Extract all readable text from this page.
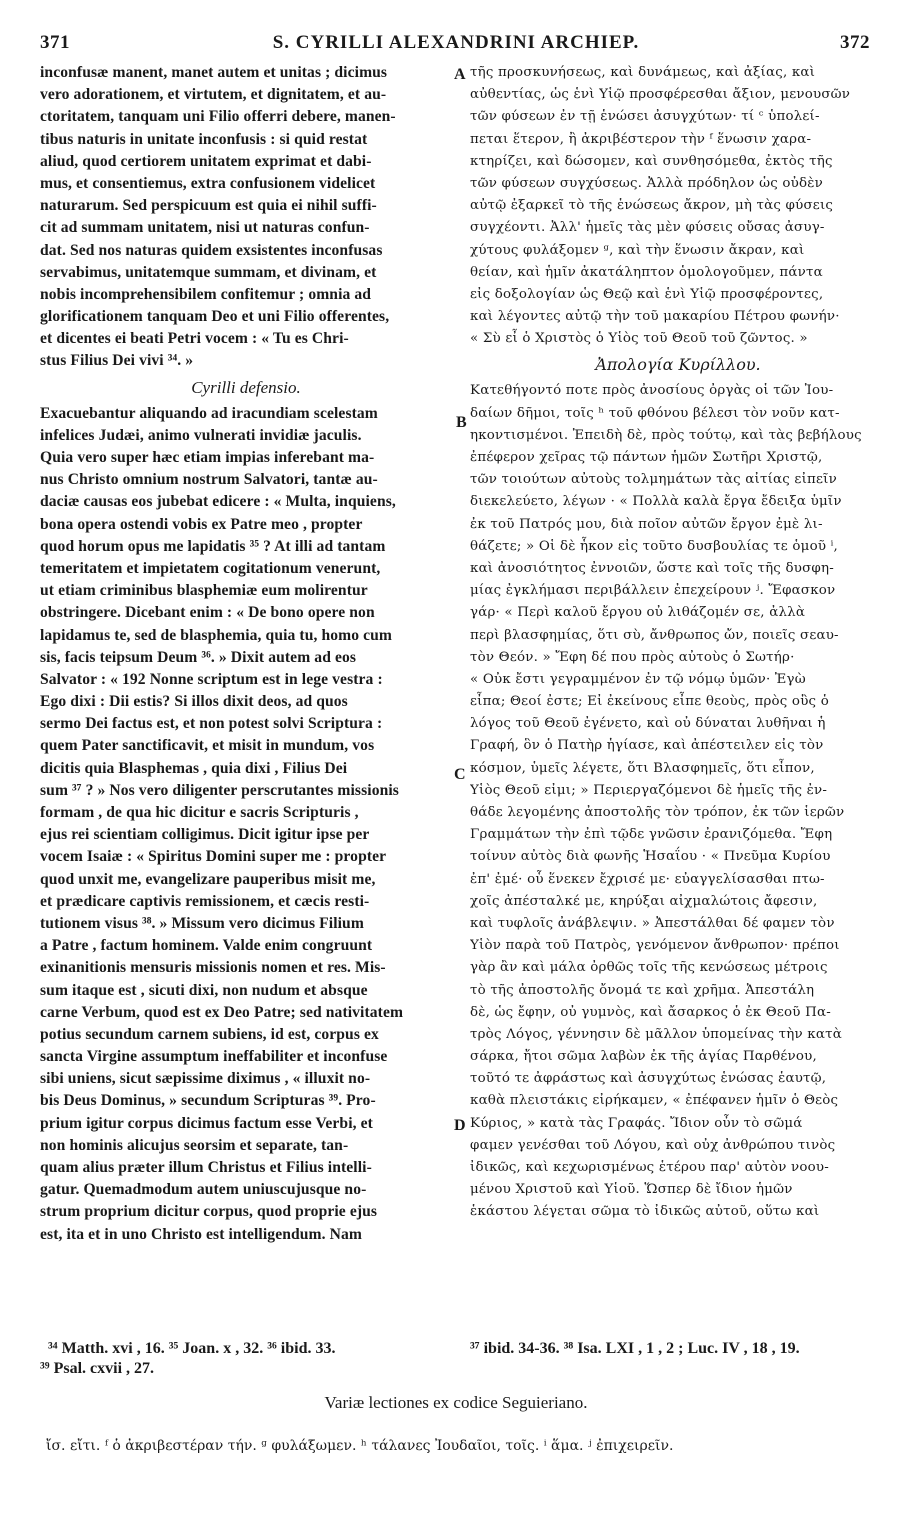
371	S. CYRILLI ALEXANDRINI ARCHIEP.	372
inconfusæ manent, manet autem et unitas ; dicimus
vero adorationem, et virtutem, et dignitatem, et au-
ctoritatem, tanquam uni Filio offerri debere, manen-
tibus naturis in unitate inconfusis : si quid restat
aliud, quod certiorem unitatem exprimat et dabi-
mus, et consentiemus, extra confusionem videlicet
naturarum. Sed perspicuum est quia ei nihil suffi-
cit ad summam unitatem, nisi ut naturas confun-
dat. Sed nos naturas quidem exsistentes inconfusas
servabimus, unitatemque summam, et divinam, et
nobis incomprehensibilem confitemur ; omnia ad
glorificationem tanquam Deo et uni Filio offerentes,
et dicentes ei beati Petri vocem : « Tu es Chri-
stus Filius Dei vivi ³⁴. »
Cyrilli defensio.
Exacuebantur aliquando ad iracundiam scelestam
infelices Judæi, animo vulnerati invidiæ jaculis.
Quia vero super hæc etiam impias inferebant ma-
nus Christo omnium nostrum Salvatori, tantæ au-
daciæ causas eos jubebat edicere : « Multa, inquiens,
bona opera ostendi vobis ex Patre meo , propter
quod horum opus me lapidatis ³⁵ ? At illi ad tantam
temeritatem et impietatem cogitationum venerunt,
ut etiam criminibus blasphemiæ eum molirentur
obstringere. Dicebant enim : « De bono opere non
lapidamus te, sed de blasphemia, quia tu, homo cum
sis, facis teipsum Deum ³⁶. » Dixit autem ad eos
Salvator : « 192 Nonne scriptum est in lege vestra :
Ego dixi : Dii estis? Si illos dixit deos, ad quos
sermo Dei factus est, et non potest solvi Scriptura :
quem Pater sanctificavit, et misit in mundum, vos
dicitis quia Blasphemas , quia dixi , Filius Dei
sum ³⁷ ? » Nos vero diligenter perscrutantes missionis
formam , de qua hic dicitur e sacris Scripturis ,
ejus rei scientiam colligimus. Dicit igitur ipse per
vocem Isaiæ : « Spiritus Domini super me : propter
quod unxit me, evangelizare pauperibus misit me,
et prædicare captivis remissionem, et cæcis resti-
tutionem visus ³⁸. » Missum vero dicimus Filium
a Patre , factum hominem. Valde enim congruunt
exinanitionis mensuris missionis nomen et res. Mis-
sum itaque est , sicuti dixi, non nudum et absque
carne Verbum, quod est ex Deo Patre; sed nativitatem
potius secundum carnem subiens, id est, corpus ex
sancta Virgine assumptum ineffabiliter et inconfuse
sibi uniens, sicut sæpissime diximus , « illuxit no-
bis Deus Dominus, » secundum Scripturas ³⁹. Pro-
prium igitur corpus dicimus factum esse Verbi, et
non hominis alicujus seorsim et separate, tan-
quam alius præter illum Christus et Filius intelli-
gatur. Quemadmodum autem uniuscujusque no-
strum proprium dicitur corpus, quod proprie ejus
est, ita et in uno Christo est intelligendum. Nam
τῆς προσκυνήσεως, καὶ δυνάμεως, καὶ ἀξίας, καὶ
αὐθεντίας, ὡς ἑνὶ Υἱῷ προσφέρεσθαι ἄξιον, μενουσῶν
τῶν φύσεων ἐν τῇ ἑνώσει ἀσυγχύτων· τί ᶜ ὑπολεί-
πεται ἕτερον, ἢ ἀκριβέστερον τὴν ᶠ ἕνωσιν χαρα-
κτηρίζει, καὶ δώσομεν, καὶ συνθησόμεθα, ἐκτὸς τῆς
τῶν φύσεων συγχύσεως. Ἀλλὰ πρόδηλον ὡς οὐδὲν
αὐτῷ ἐξαρκεῖ τὸ τῆς ἑνώσεως ἄκρον, μὴ τὰς φύσεις
συγχέοντι. Ἀλλ' ἡμεῖς τὰς μὲν φύσεις οὔσας ἀσυγ-
χύτους φυλάξομεν ᵍ, καὶ τὴν ἕνωσιν ἄκραν, καὶ
θείαν, καὶ ἡμῖν ἀκατάληπτον ὁμολογοῦμεν, πάντα
εἰς δοξολογίαν ὡς Θεῷ καὶ ἑνὶ Υἱῷ προσφέροντες,
καὶ λέγοντες αὐτῷ τὴν τοῦ μακαρίου Πέτρου φωνήν·
« Σὺ εἶ ὁ Χριστὸς ὁ Υἱὸς τοῦ Θεοῦ τοῦ ζῶντος. »
Ἀπολογία Κυρίλλου.
Κατεθήγοντό ποτε πρὸς ἀνοσίους ὀργὰς οἱ τῶν Ἰου-
δαίων δῆμοι, τοῖς ʰ τοῦ φθόνου βέλεσι τὸν νοῦν κατ-
ηκοντισμένοι. Ἐπειδὴ δὲ, πρὸς τούτῳ, καὶ τὰς βεβήλους
ἐπέφερον χεῖρας τῷ πάντων ἡμῶν Σωτῆρι Χριστῷ,
τῶν τοιούτων αὐτοὺς τολμημάτων τὰς αἰτίας εἰπεῖν
διεκελεύετο, λέγων · « Πολλὰ καλὰ ἔργα ἔδειξα ὑμῖν
ἐκ τοῦ Πατρός μου, διὰ ποῖον αὐτῶν ἔργον ἐμὲ λι-
θάζετε; » Οἱ δὲ ἧκον εἰς τοῦτο δυσβουλίας τε ὁμοῦ ⁱ,
καὶ ἀνοσιότητος ἐννοιῶν, ὥστε καὶ τοῖς τῆς δυσφη-
μίας ἐγκλήμασι περιβάλλειν ἐπεχείρουν ʲ. Ἔφασκον
γάρ· « Περὶ καλοῦ ἔργου οὐ λιθάζομέν σε, ἀλλὰ
περὶ βλασφημίας, ὅτι σὺ, ἄνθρωπος ὤν, ποιεῖς σεαυ-
τὸν Θεόν. » Ἔφη δέ που πρὸς αὐτοὺς ὁ Σωτήρ·
« Οὐκ ἔστι γεγραμμένον ἐν τῷ νόμῳ ὑμῶν· Ἐγὼ
εἶπα; Θεοί ἐστε; Εἰ ἐκείνους εἶπε θεοὺς, πρὸς οὓς ὁ
λόγος τοῦ Θεοῦ ἐγένετο, καὶ οὐ δύναται λυθῆναι ἡ
Γραφή, ὃν ὁ Πατὴρ ἡγίασε, καὶ ἀπέστειλεν εἰς τὸν
κόσμον, ὑμεῖς λέγετε, ὅτι Βλασφημεῖς, ὅτι εἶπον,
Υἱὸς Θεοῦ εἰμι; » Περιεργαζόμενοι δὲ ἡμεῖς τῆς ἐν-
θάδε λεγομένης ἀποστολῆς τὸν τρόπον, ἐκ τῶν ἱερῶν
Γραμμάτων τὴν ἐπὶ τῷδε γνῶσιν ἐρανιζόμεθα. Ἔφη
τοίνυν αὐτὸς διὰ φωνῆς Ἡσαΐου · « Πνεῦμα Κυρίου
ἐπ' ἐμέ· οὗ ἕνεκεν ἔχρισέ με· εὐαγγελίσασθαι πτω-
χοῖς ἀπέσταλκέ με, κηρύξαι αἰχμαλώτοις ἄφεσιν,
καὶ τυφλοῖς ἀνάβλεψιν. » Ἀπεστάλθαι δέ φαμεν τὸν
Υἱὸν παρὰ τοῦ Πατρὸς, γενόμενον ἄνθρωπον· πρέποι
γὰρ ἂν καὶ μάλα ὀρθῶς τοῖς τῆς κενώσεως μέτροις
τὸ τῆς ἀποστολῆς ὄνομά τε καὶ χρῆμα. Ἀπεστάλη
δὲ, ὡς ἔφην, οὐ γυμνὸς, καὶ ἄσαρκος ὁ ἐκ Θεοῦ Πα-
τρὸς Λόγος, γέννησιν δὲ μᾶλλον ὑπομείνας τὴν κατὰ
σάρκα, ἤτοι σῶμα λαβὼν ἐκ τῆς ἁγίας Παρθένου,
τοῦτό τε ἀφράστως καὶ ἀσυγχύτως ἑνώσας ἑαυτῷ,
καθὰ πλειστάκις εἰρήκαμεν, « ἐπέφανεν ἡμῖν ὁ Θεὸς
Κύριος, » κατὰ τὰς Γραφάς. Ἴδιον οὖν τὸ σῶμά
φαμεν γενέσθαι τοῦ Λόγου, καὶ οὐχ ἀνθρώπου τινὸς
ἰδικῶς, καὶ κεχωρισμένως ἑτέρου παρ' αὐτὸν νοου-
μένου Χριστοῦ καὶ Υἱοῦ. Ὥσπερ δὲ ἴδιον ἡμῶν
ἑκάστου λέγεται σῶμα τὸ ἰδικῶς αὐτοῦ, οὕτω καὶ
A
B
C
D
³⁴ Matth. xvi , 16. ³⁵ Joan. x , 32. ³⁶ ibid. 33.	³⁷ ibid. 34-36. ³⁸ Isa. LXI , 1 , 2 ; Luc. IV , 18 , 19.
³⁹ Psal. cxvii , 27.
Variæ lectiones ex codice Seguieriano.
ἴσ. εἴτι. ᶠ ὁ ἀκριβεστέραν τήν. ᵍ φυλάξωμεν. ʰ τάλανες Ἰουδαῖοι, τοῖς. ⁱ ἅμα. ʲ ἐπιχειρεῖν.
